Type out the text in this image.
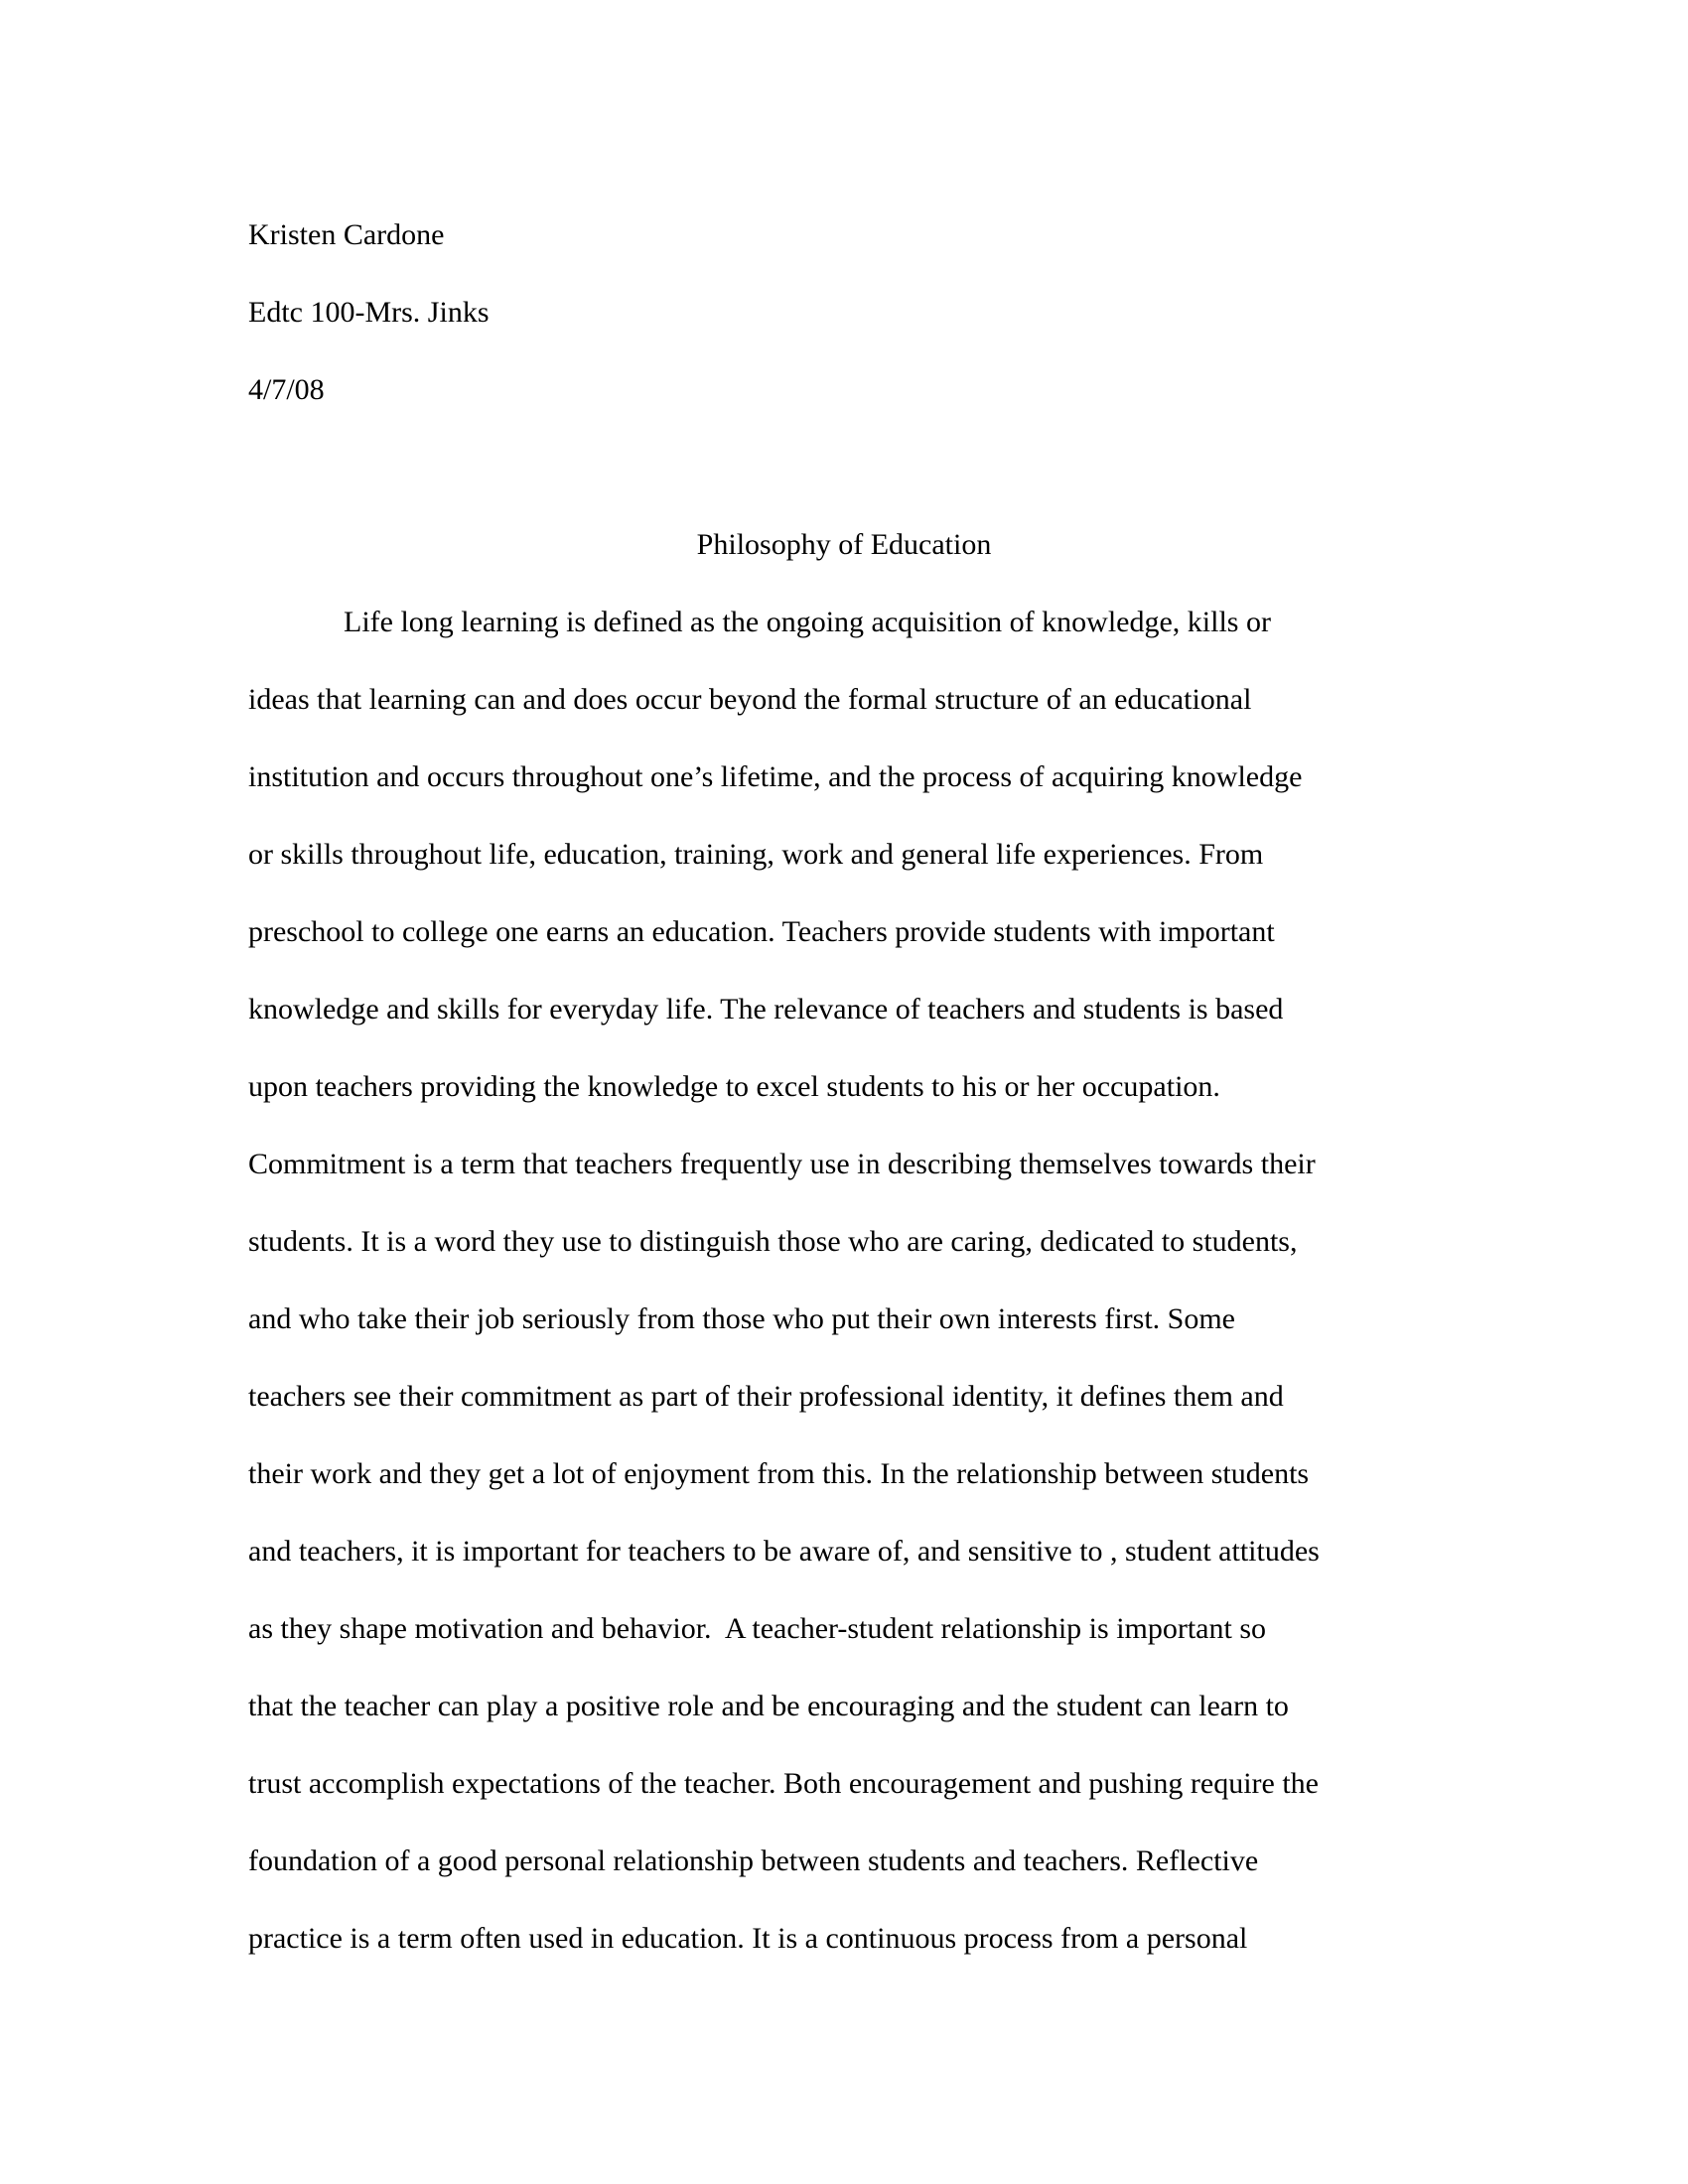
Kristen Cardone
Edtc 100-Mrs. Jinks
4/7/08
Philosophy of Education
Life long learning is defined as the ongoing acquisition of knowledge, kills or
ideas that learning can and does occur beyond the formal structure of an educational
institution and occurs throughout one’s lifetime, and the process of acquiring knowledge
or skills throughout life, education, training, work and general life experiences. From
preschool to college one earns an education. Teachers provide students with important
knowledge and skills for everyday life. The relevance of teachers and students is based
upon teachers providing the knowledge to excel students to his or her occupation.
Commitment is a term that teachers frequently use in describing themselves towards their
students. It is a word they use to distinguish those who are caring, dedicated to students,
and who take their job seriously from those who put their own interests first. Some
teachers see their commitment as part of their professional identity, it defines them and
their work and they get a lot of enjoyment from this. In the relationship between students
and teachers, it is important for teachers to be aware of, and sensitive to , student attitudes
as they shape motivation and behavior.  A teacher-student relationship is important so
that the teacher can play a positive role and be encouraging and the student can learn to
trust accomplish expectations of the teacher. Both encouragement and pushing require the
foundation of a good personal relationship between students and teachers. Reflective
practice is a term often used in education. It is a continuous process from a personal
